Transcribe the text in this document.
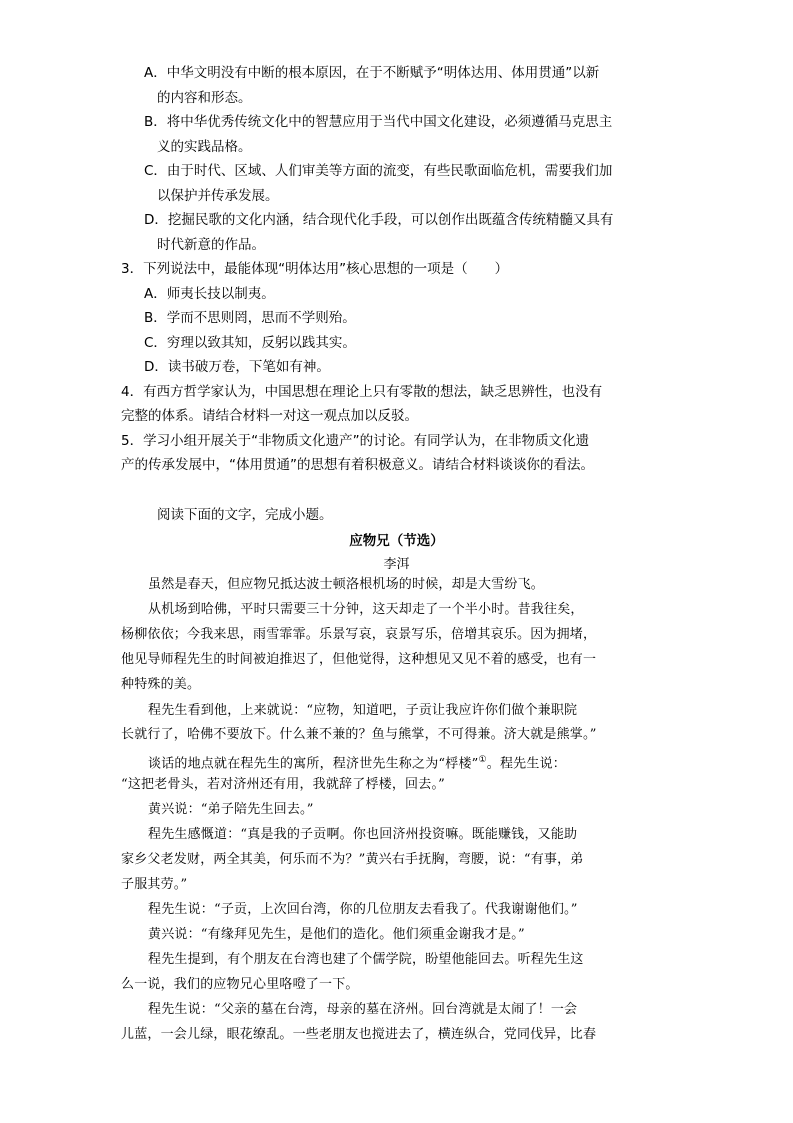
A．中华文明没有中断的根本原因，在于不断赋予“明体达用、体用贯通”以新
的内容和形态。
B．将中华优秀传统文化中的智慧应用于当代中国文化建设，必须遵循马克思主
义的实践品格。
C．由于时代、区域、人们审美等方面的流变，有些民歌面临危机，需要我们加
以保护并传承发展。
D．挖掘民歌的文化内涵，结合现代化手段，可以创作出既蕴含传统精髓又具有
时代新意的作品。
3．下列说法中，最能体现“明体达用”核心思想的一项是（　　）
A．师夷长技以制夷。
B．学而不思则罔，思而不学则殆。
C．穷理以致其知，反躬以践其实。
D．读书破万卷，下笔如有神。
4．有西方哲学家认为，中国思想在理论上只有零散的想法，缺乏思辨性，也没有
完整的体系。请结合材料一对这一观点加以反驳。
5．学习小组开展关于“非物质文化遗产”的讨论。有同学认为，在非物质文化遗
产的传承发展中，“体用贯通”的思想有着积极意义。请结合材料谈谈你的看法。
阅读下面的文字，完成小题。
应物兄（节选）
李洱
虽然是春天，但应物兄抵达波士顿洛根机场的时候，却是大雪纷飞。
从机场到哈佛，平时只需要三十分钟，这天却走了一个半小时。昔我往矣，
杨柳依依；今我来思，雨雪霏霏。乐景写哀，哀景写乐，倍增其哀乐。因为拥堵，
他见导师程先生的时间被迫推迟了，但他觉得，这种想见又见不着的感受，也有一
种特殊的美。
程先生看到他，上来就说：“应物，知道吧，子贡让我应许你们做个兼职院
长就行了，哈佛不要放下。什么兼不兼的？鱼与熊掌，不可得兼。济大就是熊掌。”
谈话的地点就在程先生的寓所，程济世先生称之为“桴楼”①。程先生说：
“这把老骨头，若对济州还有用，我就辞了桴楼，回去。”
黄兴说：“弟子陪先生回去。”
程先生感慨道：“真是我的子贡啊。你也回济州投资嘛。既能赚钱，又能助
家乡父老发财，两全其美，何乐而不为？”黄兴右手抚胸，弯腰，说：“有事，弟
子服其劳。”
程先生说：“子贡，上次回台湾，你的几位朋友去看我了。代我谢谢他们。”
黄兴说：“有缘拜见先生，是他们的造化。他们须重金谢我才是。”
程先生提到，有个朋友在台湾也建了个儒学院，盼望他能回去。听程先生这
么一说，我们的应物兄心里咯噔了一下。
程先生说：“父亲的墓在台湾，母亲的墓在济州。回台湾就是太闹了！一会
儿蓝，一会儿绿，眼花缭乱。一些老朋友也搅进去了，横连纵合，党同伐异，比春
